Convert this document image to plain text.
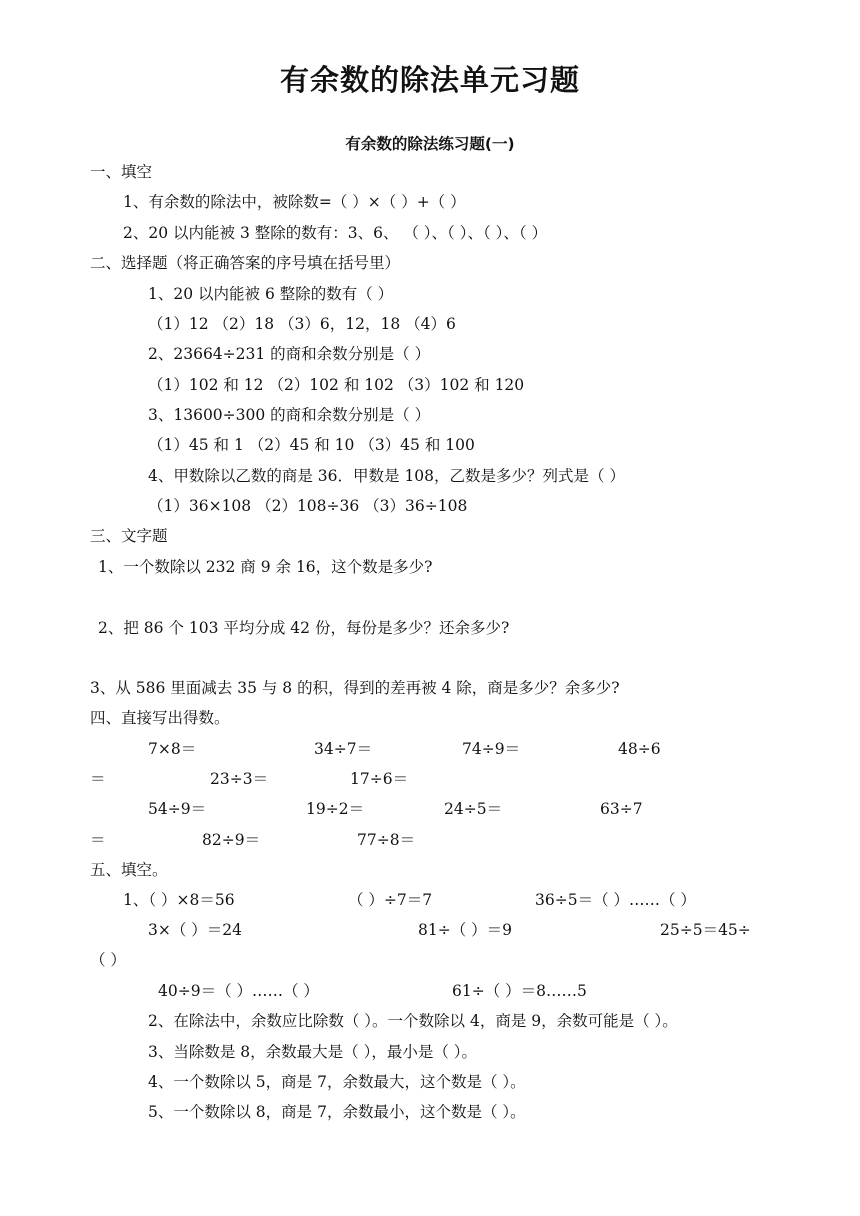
有余数的除法单元习题
有余数的除法练习题(一)
一、填空
1、有余数的除法中，被除数=（ ）×（ ）+（ ）
2、20 以内能被 3 整除的数有：3、6、 （ ）、（ ）、（ ）、（ ）
二、选择题（将正确答案的序号填在括号里）
1、20 以内能被 6 整除的数有（ ）
（1）12 （2）18 （3）6，12，18 （4）6
2、23664÷231 的商和余数分别是（ ）
（1）102 和 12 （2）102 和 102 （3）102 和 120
3、13600÷300 的商和余数分别是（ ）
（1）45 和 1 （2）45 和 10 （3）45 和 100
4、甲数除以乙数的商是 36．甲数是 108，乙数是多少？列式是（ ）
（1）36×108 （2）108÷36 （3）36÷108
三、文字题
1、一个数除以 232 商 9 余 16，这个数是多少?
2、把 86 个 103 平均分成 42 份，每份是多少？还余多少?
3、从 586 里面减去 35 与 8 的积，得到的差再被 4 除，商是多少？余多少?
四、直接写出得数。
7×8＝	34÷7＝	74÷9＝	48÷6
＝	23÷3＝	17÷6＝
54÷9＝	19÷2＝	24÷5＝	63÷7
＝	82÷9＝	77÷8＝
五、填空。
1、（ ）×8＝56	（ ）÷7＝7	36÷5＝（ ）……（ ）
3×（ ）＝24	81÷（ ）＝9	25÷5＝45÷
（ ）
40÷9＝（ ）……（ ）	61÷（ ）＝8……5
2、在除法中，余数应比除数（ ）。一个数除以 4，商是 9，余数可能是（ ）。
3、当除数是 8，余数最大是（ ），最小是（ ）。
4、一个数除以 5，商是 7，余数最大，这个数是（ ）。
5、一个数除以 8，商是 7，余数最小，这个数是（ ）。
